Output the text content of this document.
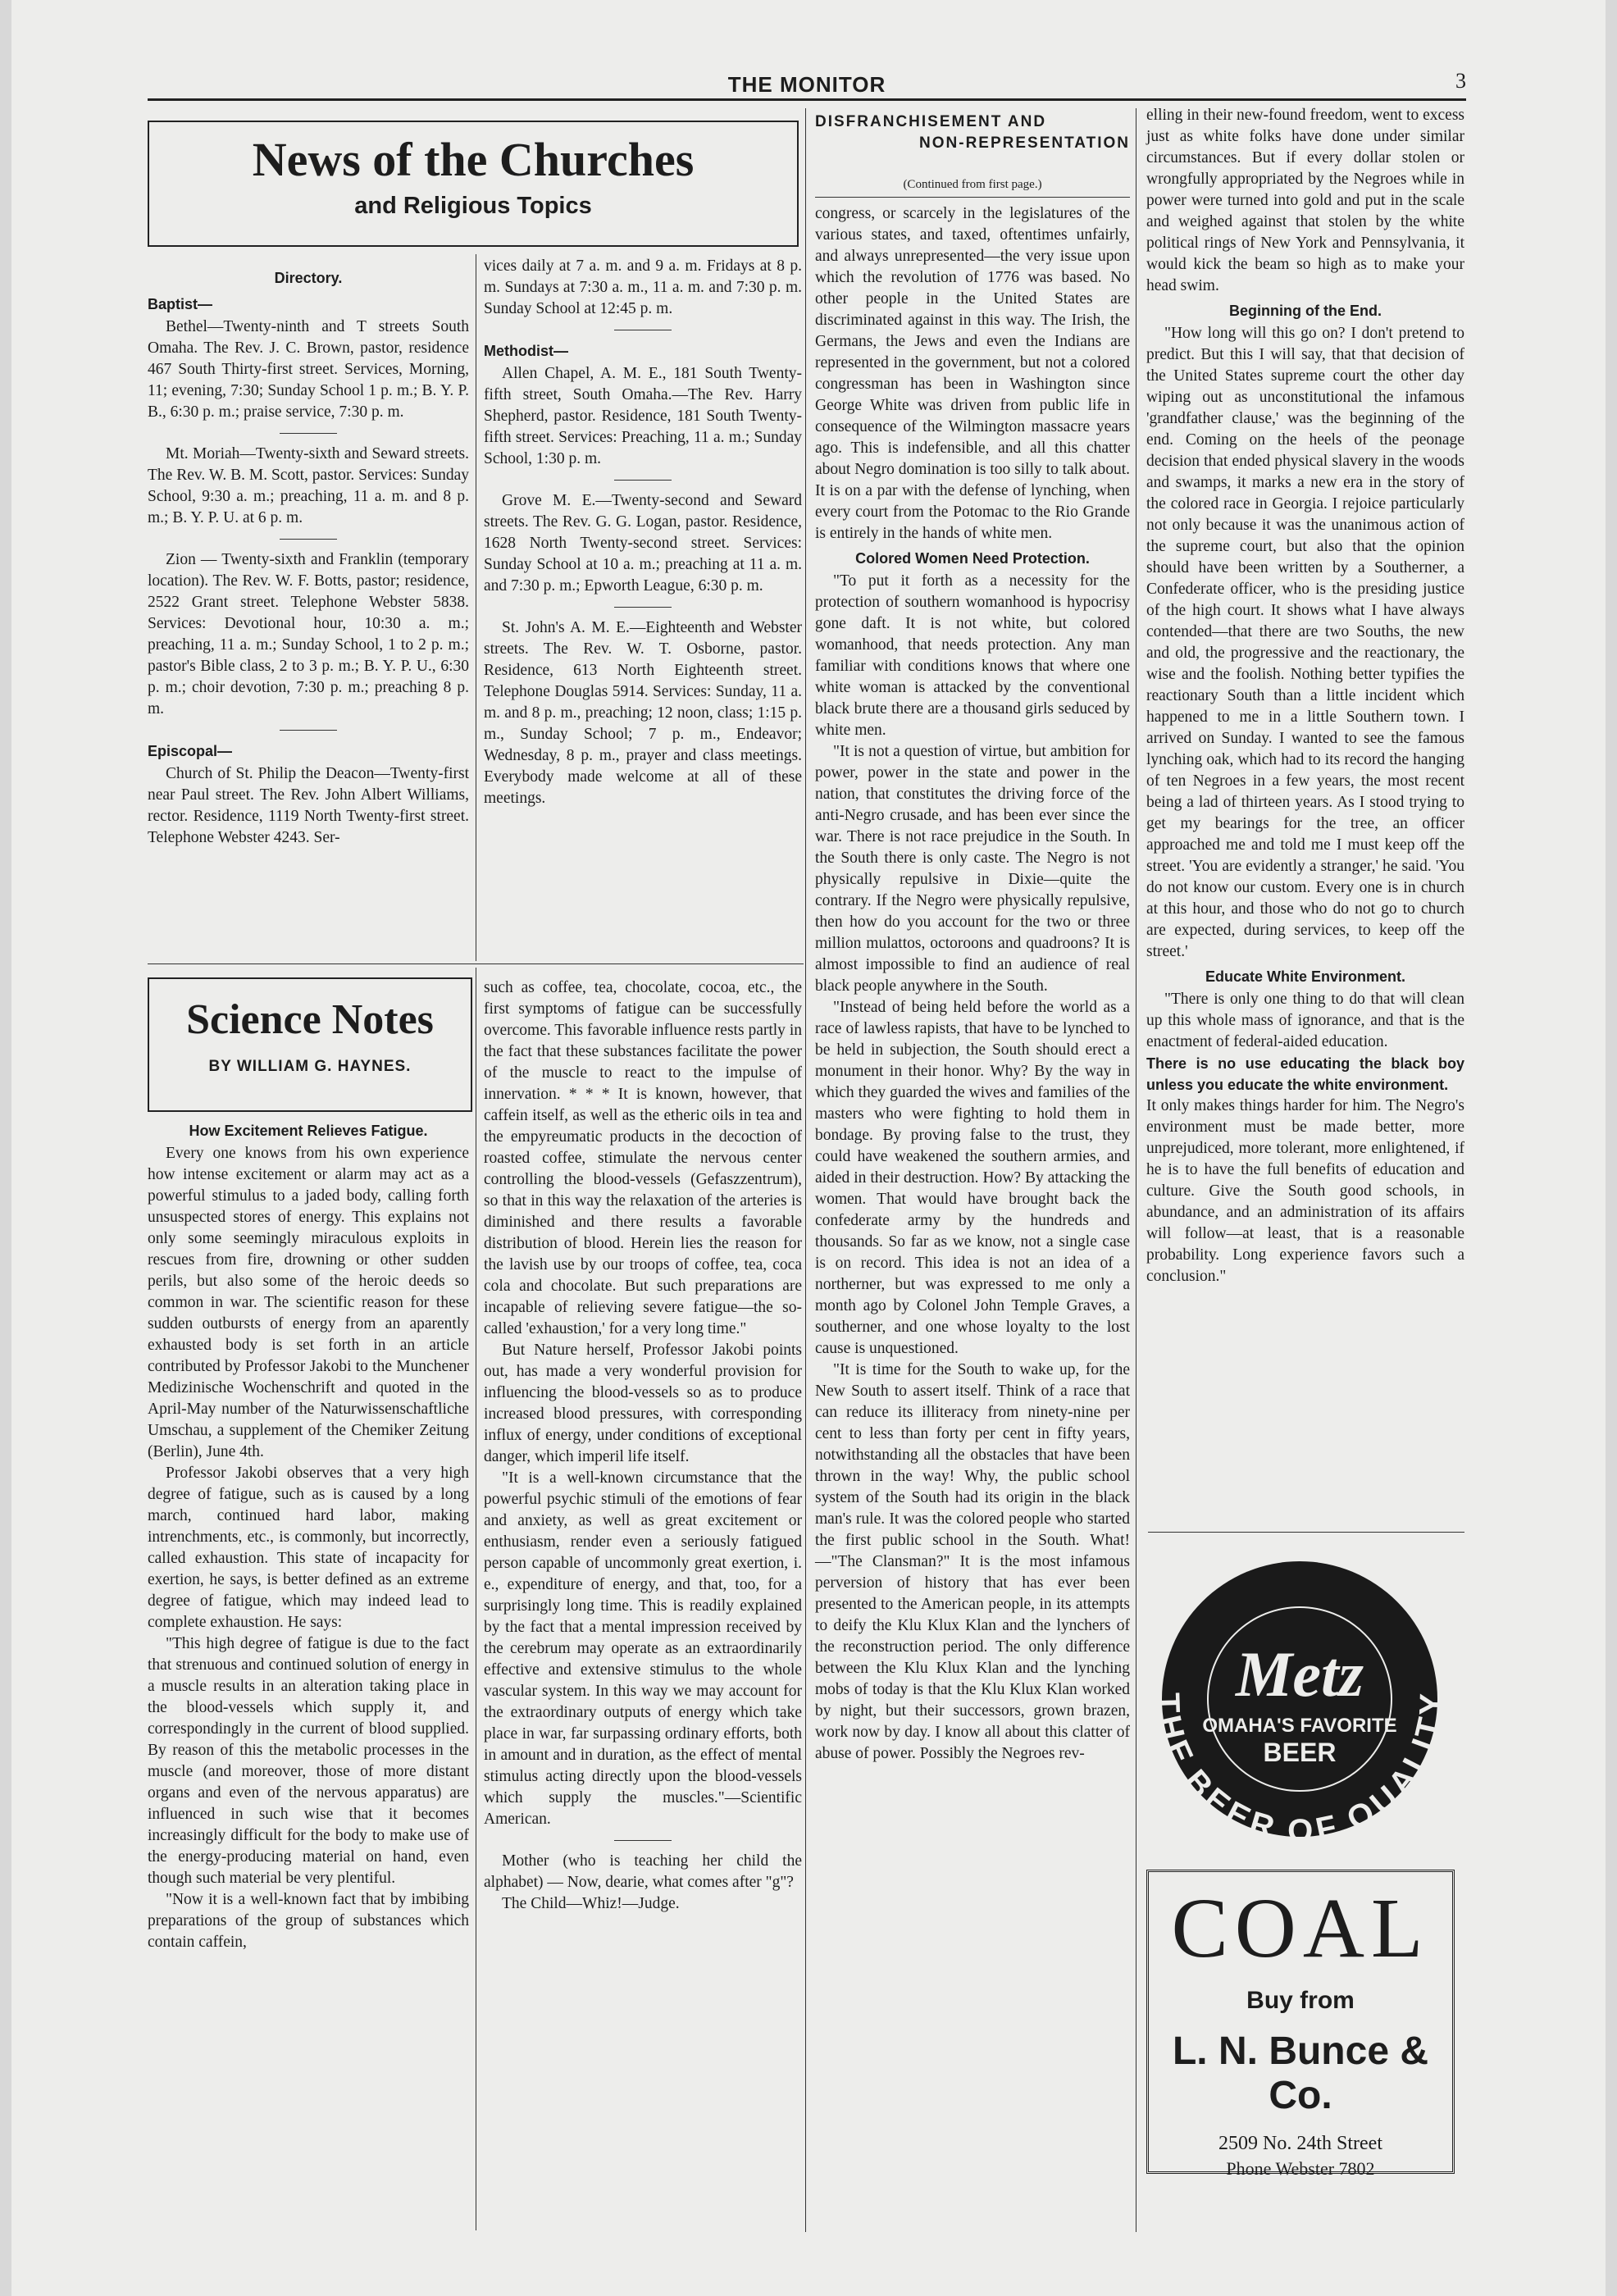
THE MONITOR	3
News of the Churches
and Religious Topics
Science Notes
BY WILLIAM G. HAYNES.
Directory.
Baptist—

Bethel—Twenty-ninth and T streets South Omaha. The Rev. J. C. Brown, pastor, residence 467 South Thirty-first street. Services, Morning, 11; evening, 7:30; Sunday School 1 p. m.; B. Y. P. B., 6:30 p. m.; praise service, 7:30 p. m.

Mt. Moriah—Twenty-sixth and Seward streets. The Rev. W. B. M. Scott, pastor. Services: Sunday School, 9:30 a. m.; preaching, 11 a. m. and 8 p. m.; B. Y. P. U. at 6 p. m.

Zion — Twenty-sixth and Franklin (temporary location). The Rev. W. F. Botts, pastor; residence, 2522 Grant street. Telephone Webster 5838. Services: Devotional hour, 10:30 a. m.; preaching, 11 a. m.; Sunday School, 1 to 2 p. m.; pastor's Bible class, 2 to 3 p. m.; B. Y. P. U., 6:30 p. m.; choir devotion, 7:30 p. m.; preaching 8 p. m.

Episcopal—

Church of St. Philip the Deacon—Twenty-first near Paul street. The Rev. John Albert Williams, rector. Residence, 1119 North Twenty-first street. Telephone Webster 4243. Ser-

vices daily at 7 a. m. and 9 a. m. Fridays at 8 p. m. Sundays at 7:30 a. m., 11 a. m. and 7:30 p. m. Sunday School at 12:45 p. m.

Methodist—

Allen Chapel, A. M. E., 181 South Twenty-fifth street, South Omaha.—The Rev. Harry Shepherd, pastor. Residence, 181 South Twenty-fifth street. Services: Preaching, 11 a. m.; Sunday School, 1:30 p. m.

Grove M. E.—Twenty-second and Seward streets. The Rev. G. G. Logan, pastor. Residence, 1628 North Twenty-second street. Services: Sunday School at 10 a. m.; preaching at 11 a. m. and 7:30 p. m.; Epworth League, 6:30 p. m.

St. John's A. M. E.—Eighteenth and Webster streets. The Rev. W. T. Osborne, pastor. Residence, 613 North Eighteenth street. Telephone Douglas 5914. Services: Sunday, 11 a. m. and 8 p. m., preaching; 12 noon, class; 1:15 p. m., Sunday School; 7 p. m., Endeavor; Wednesday, 8 p. m., prayer and class meetings. Everybody made welcome at all of these meetings.

How Excitement Relieves Fatigue.

Every one knows from his own experience how intense excitement or alarm may act as a powerful stimulus to a jaded body, calling forth unsuspected stores of energy. This explains not only some seemingly miraculous exploits in rescues from fire, drowning or other sudden perils, but also some of the heroic deeds so common in war. The scientific reason for these sudden outbursts of energy from an aparently exhausted body is set forth in an article contributed by Professor Jakobi to the Munchener Medizinische Wochenschrift and quoted in the April-May number of the Naturwissenschaftliche Umschau, a supplement of the Chemiker Zeitung (Berlin), June 4th.

Professor Jakobi observes that a very high degree of fatigue, such as is caused by a long march, continued hard labor, making intrenchments, etc., is commonly, but incorrectly, called exhaustion. This state of incapacity for exertion, he says, is better defined as an extreme degree of fatigue, which may indeed lead to complete exhaustion. He says:

"This high degree of fatigue is due to the fact that strenuous and continued solution of energy in a muscle results in an alteration taking place in the blood-vessels which supply it, and correspondingly in the current of blood supplied. By reason of this the metabolic processes in the muscle (and moreover, those of more distant organs and even of the nervous apparatus) are influenced in such wise that it becomes increasingly difficult for the body to make use of the energy-producing material on hand, even though such material be very plentiful.

"Now it is a well-known fact that by imbibing preparations of the group of substances which contain caffein,

such as coffee, tea, chocolate, cocoa, etc., the first symptoms of fatigue can be successfully overcome. This favorable influence rests partly in the fact that these substances facilitate the power of the muscle to react to the impulse of innervation. * * * It is known, however, that caffein itself, as well as the etheric oils in tea and the empyreumatic products in the decoction of roasted coffee, stimulate the nervous center controlling the blood-vessels (Gefaszzentrum), so that in this way the relaxation of the arteries is diminished and there results a favorable distribution of blood. Herein lies the reason for the lavish use by our troops of coffee, tea, coca cola and chocolate. But such preparations are incapable of relieving severe fatigue—the so-called 'exhaustion,' for a very long time."

But Nature herself, Professor Jakobi points out, has made a very wonderful provision for influencing the blood-vessels so as to produce increased blood pressures, with corresponding influx of energy, under conditions of exceptional danger, which imperil life itself.

"It is a well-known circumstance that the powerful psychic stimuli of the emotions of fear and anxiety, as well as great excitement or enthusiasm, render even a seriously fatigued person capable of uncommonly great exertion, i. e., expenditure of energy, and that, too, for a surprisingly long time. This is readily explained by the fact that a mental impression received by the cerebrum may operate as an extraordinarily effective and extensive stimulus to the whole vascular system. In this way we may account for the extraordinary outputs of energy which take place in war, far surpassing ordinary efforts, both in amount and in duration, as the effect of mental stimulus acting directly upon the blood-vessels which supply the muscles."—Scientific American.

Mother (who is teaching her child the alphabet) — Now, dearie, what comes after "g"?

The Child—Whiz!—Judge.

DISFRANCHISEMENT AND
NON-REPRESENTATION
(Continued from first page.)

congress, or scarcely in the legislatures of the various states, and taxed, oftentimes unfairly, and always unrepresented—the very issue upon which the revolution of 1776 was based. No other people in the United States are discriminated against in this way. The Irish, the Germans, the Jews and even the Indians are represented in the government, but not a colored congressman has been in Washington since George White was driven from public life in consequence of the Wilmington massacre years ago. This is indefensible, and all this chatter about Negro domination is too silly to talk about. It is on a par with the defense of lynching, when every court from the Potomac to the Rio Grande is entirely in the hands of white men.

Colored Women Need Protection.

"To put it forth as a necessity for the protection of southern womanhood is hypocrisy gone daft. It is not white, but colored womanhood, that needs protection. Any man familiar with conditions knows that where one white woman is attacked by the conventional black brute there are a thousand girls seduced by white men.

"It is not a question of virtue, but ambition for power, power in the state and power in the nation, that constitutes the driving force of the anti-Negro crusade, and has been ever since the war. There is not race prejudice in the South. In the South there is only caste. The Negro is not physically repulsive in Dixie—quite the contrary. If the Negro were physically repulsive, then how do you account for the two or three million mulattos, octoroons and quadroons? It is almost impossible to find an audience of real black people anywhere in the South.

"Instead of being held before the world as a race of lawless rapists, that have to be lynched to be held in subjection, the South should erect a monument in their honor. Why? By the way in which they guarded the wives and families of the masters who were fighting to hold them in bondage. By proving false to the trust, they could have weakened the southern armies, and aided in their destruction. How? By attacking the women. That would have brought back the confederate army by the hundreds and thousands. So far as we know, not a single case is on record. This idea is not an idea of a northerner, but was expressed to me only a month ago by Colonel John Temple Graves, a southerner, and one whose loyalty to the lost cause is unquestioned.

"It is time for the South to wake up, for the New South to assert itself. Think of a race that can reduce its illiteracy from ninety-nine per cent to less than forty per cent in fifty years, notwithstanding all the obstacles that have been thrown in the way! Why, the public school system of the South had its origin in the black man's rule. It was the colored people who started the first public school in the South. What!—"The Clansman?" It is the most infamous perversion of history that has ever been presented to the American people, in its attempts to deify the Klu Klux Klan and the lynchers of the reconstruction period. The only difference between the Klu Klux Klan and the lynching mobs of today is that the Klu Klux Klan worked by night, but their successors, grown brazen, work now by day. I know all about this clatter of abuse of power. Possibly the Negroes rev-

elling in their new-found freedom, went to excess just as white folks have done under similar circumstances. But if every dollar stolen or wrongfully appropriated by the Negroes while in power were turned into gold and put in the scale and weighed against that stolen by the white political rings of New York and Pennsylvania, it would kick the beam so high as to make your head swim.

Beginning of the End.

"How long will this go on? I don't pretend to predict. But this I will say, that that decision of the United States supreme court the other day wiping out as unconstitutional the infamous 'grandfather clause,' was the beginning of the end. Coming on the heels of the peonage decision that ended physical slavery in the woods and swamps, it marks a new era in the story of the colored race in Georgia. I rejoice particularly not only because it was the unanimous action of the supreme court, but also that the opinion should have been written by a Southerner, a Confederate officer, who is the presiding justice of the high court. It shows what I have always contended—that there are two Souths, the new and old, the progressive and the reactionary, the wise and the foolish. Nothing better typifies the reactionary South than a little incident which happened to me in a little Southern town. I arrived on Sunday. I wanted to see the famous lynching oak, which had to its record the hanging of ten Negroes in a few years, the most recent being a lad of thirteen years. As I stood trying to get my bearings for the tree, an officer approached me and told me I must keep off the street. 'You are evidently a stranger,' he said. 'You do not know our custom. Every one is in church at this hour, and those who do not go to church are expected, during services, to keep off the street.'

Educate White Environment.

"There is only one thing to do that will clean up this whole mass of ignorance, and that is the enactment of federal-aided education.

There is no use educating the black boy unless you educate the white environment.

It only makes things harder for him. The Negro's environment must be made better, more unprejudiced, more tolerant, more enlightened, if he is to have the full benefits of education and culture. Give the South good schools, in abundance, and an administration of its affairs will follow—at least, that is a reasonable probability. Long experience favors such a conclusion."

THE BEER OF QUALITY
Metz
OMAHA'S FAVORITE
BEER
COAL
Buy from
L. N. Bunce & Co.
2509 No. 24th Street
Phone Webster 7802
